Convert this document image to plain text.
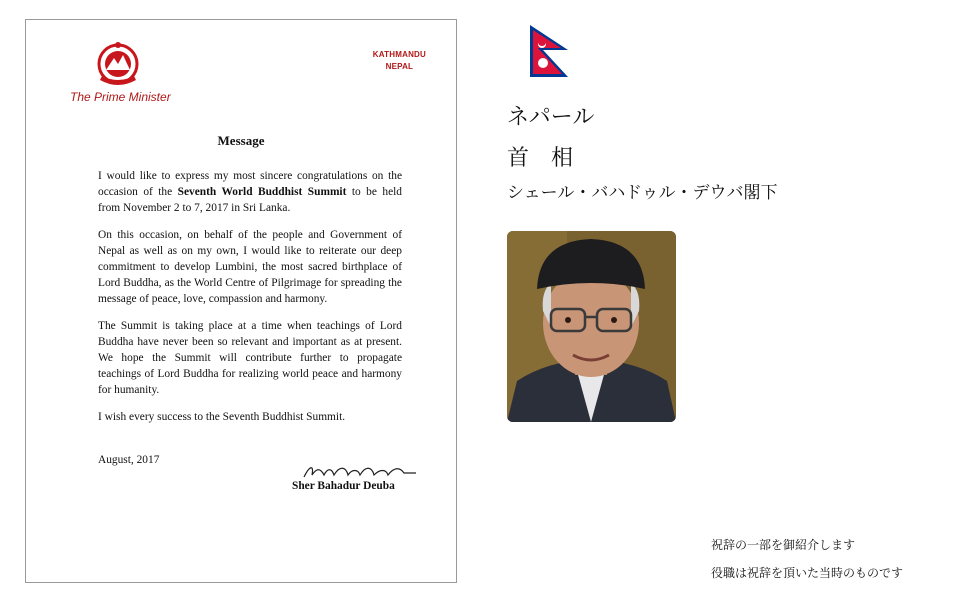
The Prime Minister
KATHMANDU
NEPAL
Message

I would like to express my most sincere congratulations on the occasion of the Seventh World Buddhist Summit to be held from November 2 to 7, 2017 in Sri Lanka.

On this occasion, on behalf of the people and Government of Nepal as well as on my own, I would like to reiterate our deep commitment to develop Lumbini, the most sacred birthplace of Lord Buddha, as the World Centre of Pilgrimage for spreading the message of peace, love, compassion and harmony.

The Summit is taking place at a time when teachings of Lord Buddha have never been so relevant and important as at present. We hope the Summit will contribute further to propagate teachings of Lord Buddha for realizing world peace and harmony for humanity.

I wish every success to the Seventh Buddhist Summit.

August, 2017
Sher Bahadur Deuba
ネパール
首　相
シェール・バハドゥル・デウバ閣下
祝辞の一部を御紹介します
役職は祝辞を頂いた当時のものです
